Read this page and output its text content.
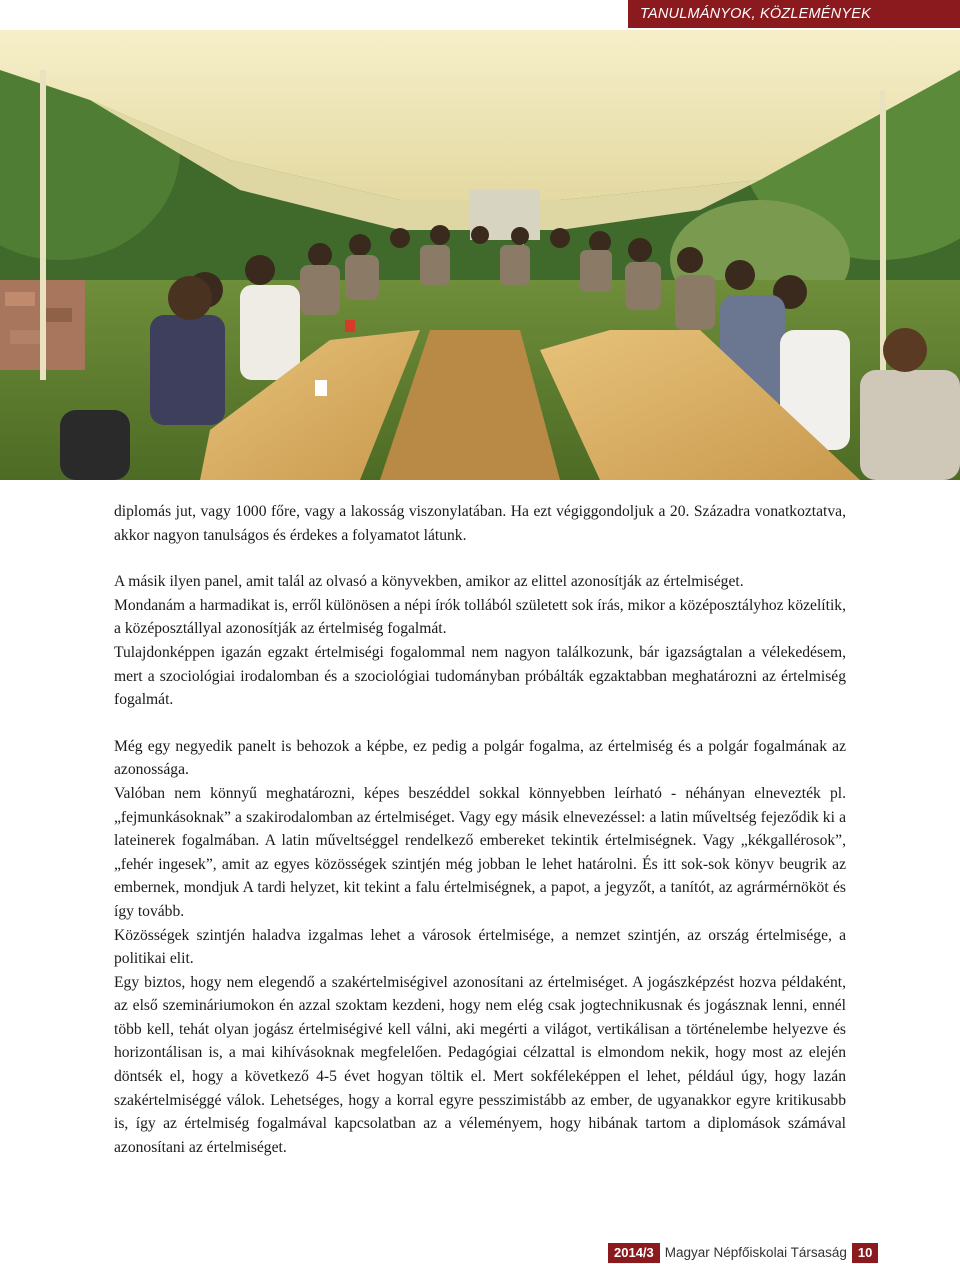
TANULMÁNYOK, KÖZLEMÉNYEK

diplomás jut, vagy 1000 főre, vagy a lakosság viszonylatában. Ha ezt végiggondoljuk a 20. Századra vonatkoztatva, akkor nagyon tanulságos és érdekes a folyamatot látunk.

A másik ilyen panel, amit talál az olvasó a könyvekben, amikor az elittel azonosítják az értelmiséget.

Mondanám a harmadikat is, erről különösen a népi írók tollából született sok írás, mikor a középosztályhoz közelítik, a középosztállyal azonosítják az értelmiség fogalmát.

Tulajdonképpen igazán egzakt értelmiségi fogalommal nem nagyon találkozunk, bár igazságtalan a vélekedésem, mert a szociológiai irodalomban és a szociológiai tudományban próbálták egzaktabban meghatározni az értelmiség fogalmát.

Még egy negyedik panelt is behozok a képbe, ez pedig a polgár fogalma, az értelmiség és a polgár fogalmának az azonossága.

Valóban nem könnyű meghatározni, képes beszéddel sokkal könnyebben leírható - néhányan elnevezték pl. „fejmunkásoknak” a szakirodalomban az értelmiséget. Vagy egy másik elnevezéssel: a latin műveltség fejeződik ki a lateinerek fogalmában. A latin műveltséggel rendelkező embereket tekintik értelmiségnek. Vagy „kékgallérosok”, „fehér ingesek”, amit az egyes közösségek szintjén még jobban le lehet határolni. És itt sok-sok könyv beugrik az embernek, mondjuk A tardi helyzet, kit tekint a falu értelmiségnek, a papot, a jegyzőt, a tanítót, az agrármérnököt és így tovább.

Közösségek szintjén haladva izgalmas lehet a városok értelmisége, a nemzet szintjén, az ország értelmisége, a politikai elit.

Egy biztos, hogy nem elegendő a szakértelmiségivel azonosítani az értelmiséget. A jogászképzést hozva példaként, az első szemináriumokon én azzal szoktam kezdeni, hogy nem elég csak jogtechnikusnak és jogásznak lenni, ennél több kell, tehát olyan jogász értelmiségivé kell válni, aki megérti a világot, vertikálisan a történelembe helyezve és horizontálisan is, a mai kihívásoknak megfelelően. Pedagógiai célzattal is elmondom nekik, hogy most az elején döntsék el, hogy a következő 4-5 évet hogyan töltik el. Mert sokféleképpen el lehet, például úgy, hogy lazán szakértelmiséggé válok. Lehetséges, hogy a korral egyre pesszimistább az ember, de ugyanakkor egyre kritikusabb is, így az értelmiség fogalmával kapcsolatban az a véleményem, hogy hibának tartom a diplomások számával azonosítani az értelmiséget.

2014/3 Magyar Népfőiskolai Társaság 10
